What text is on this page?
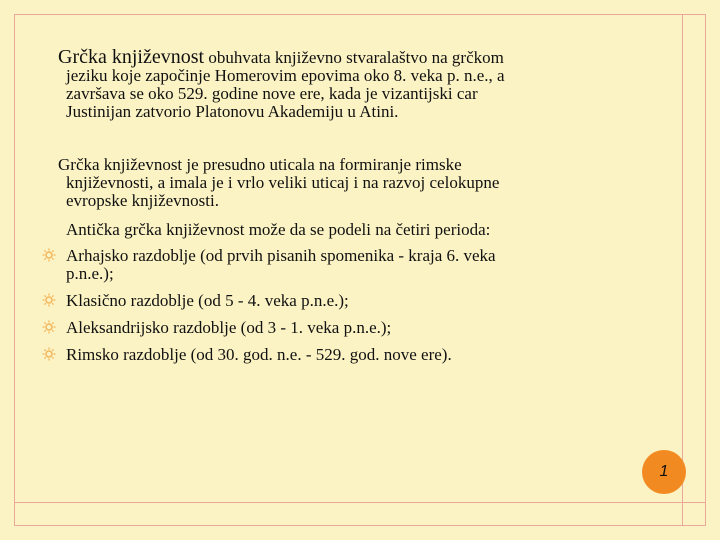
Grčka književnost obuhvata književno stvaralaštvo na grčkom
jeziku koje započinje Homerovim epovima oko 8. veka p. n.e., a
završava se oko 529. godine nove ere, kada je vizantijski car
Justinijan zatvorio Platonovu Akademiju u Atini.
Grčka književnost je presudno uticala na formiranje rimske
književnosti, a imala je i vrlo veliki uticaj i na razvoj celokupne
evropske književnosti.
Antička grčka književnost može da se podeli na četiri perioda:
Arhajsko razdoblje (od prvih pisanih spomenika - kraja 6. veka
p.n.e.);
Klasično razdoblje (od 5 - 4. veka p.n.e.);
Aleksandrijsko razdoblje (od 3 - 1. veka p.n.e.);
Rimsko razdoblje (od 30. god. n.e. - 529. god. nove ere).
1
